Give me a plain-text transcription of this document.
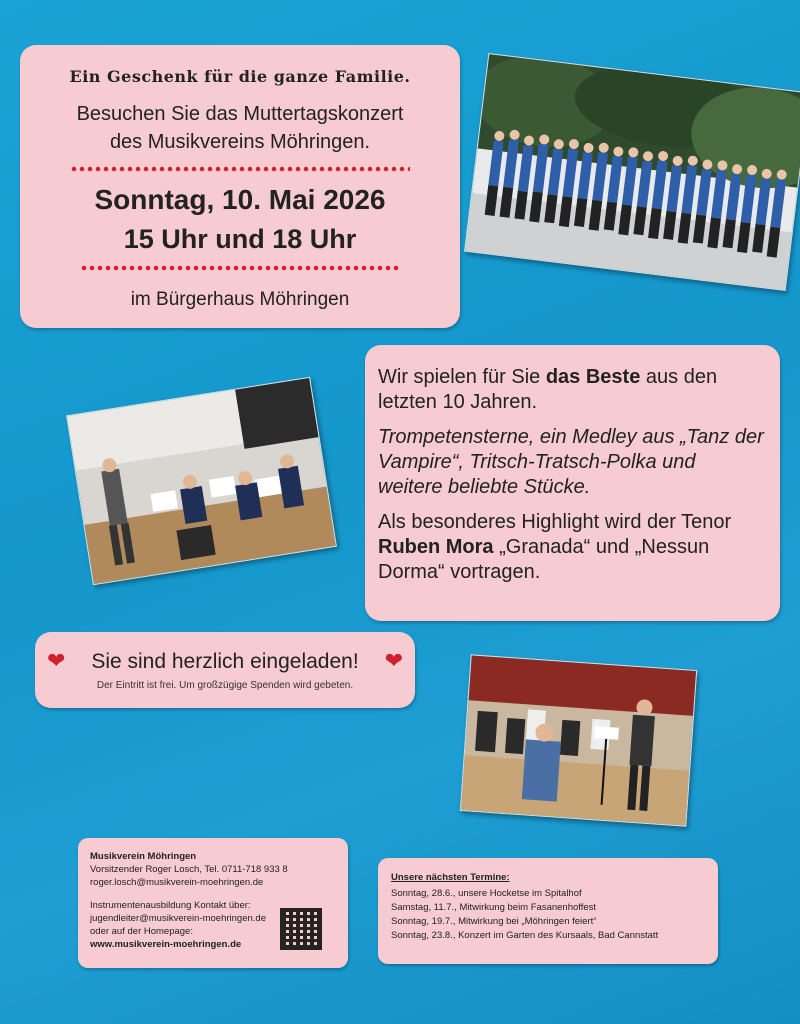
Ein Geschenk für die ganze Familie.
Besuchen Sie das Muttertagskonzert
des Musikvereins Möhringen.
Sonntag, 10. Mai 2026
15 Uhr und 18 Uhr
im Bürgerhaus Möhringen

Wir spielen für Sie das Beste aus den letzten 10 Jahren.

Trompetensterne, ein Medley aus „Tanz der Vampire“, Tritsch-Tratsch-Polka und weitere beliebte Stücke.

Als besonderes Highlight wird der Tenor Ruben Mora „Granada“ und „Nessun Dorma“ vortragen.

❤	❤
Sie sind herzlich eingeladen!
Der Eintritt ist frei. Um großzügige Spenden wird gebeten.
Musikverein Möhringen
Vorsitzender Roger Losch, Tel. 0711-718 933 8
roger.losch@musikverein-moehringen.de
Instrumentenausbildung Kontakt über:
jugendleiter@musikverein-moehringen.de
oder auf der Homepage:
www.musikverein-moehringen.de
Unsere nächsten Termine:
Sonntag, 28.6., unsere Hocketse im Spitalhof
Samstag, 11.7., Mitwirkung beim Fasanenhoffest
Sonntag, 19.7., Mitwirkung bei „Möhringen feiert“
Sonntag, 23.8., Konzert im Garten des Kursaals, Bad Cannstatt
